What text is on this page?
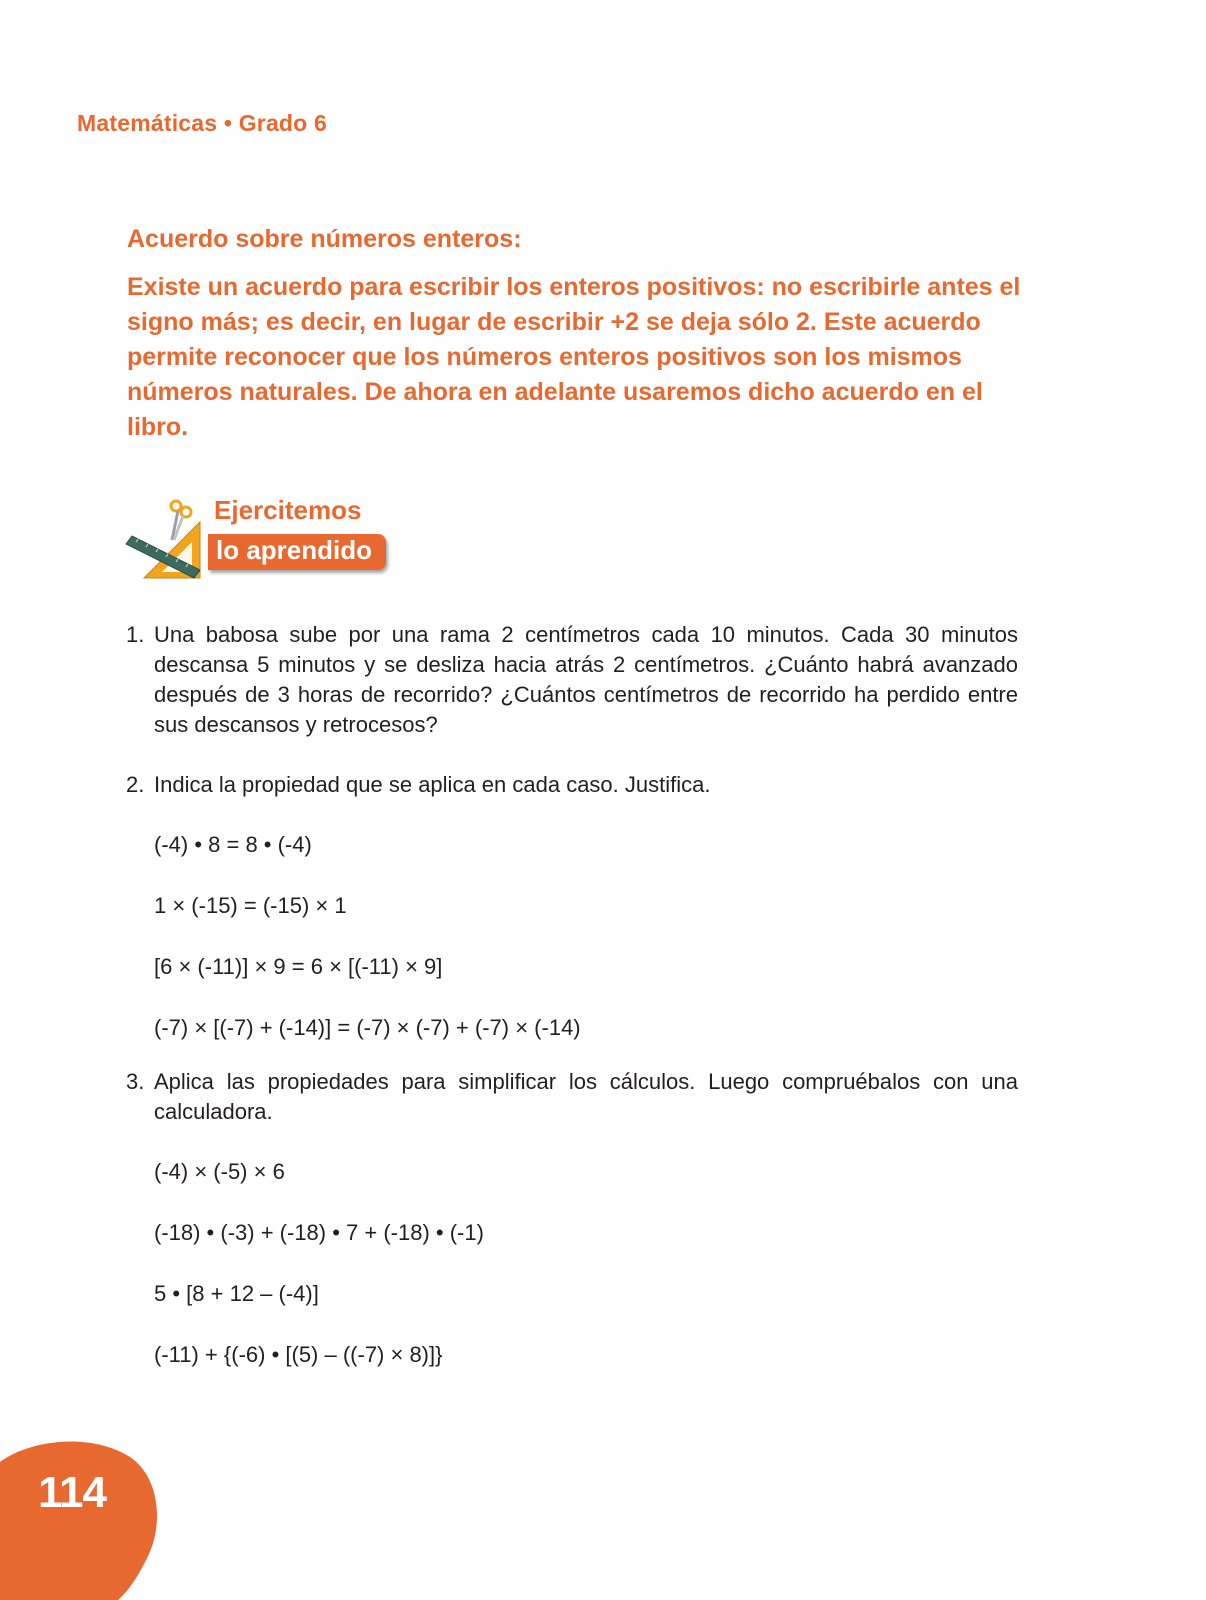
Matemáticas • Grado 6

Acuerdo sobre números enteros:

Existe un acuerdo para escribir los enteros positivos: no escribirle antes el signo más; es decir, en lugar de escribir +2 se deja sólo 2. Este acuerdo permite reconocer que los números enteros positivos son los mismos números naturales. De ahora en adelante usaremos dicho acuerdo en el libro.

Ejercitemos
lo aprendido
1. Una babosa sube por una rama 2 centímetros cada 10 minutos. Cada 30 minutos descansa 5 minutos y se desliza hacia atrás 2 centímetros. ¿Cuánto habrá avanzado después de 3 horas de recorrido? ¿Cuántos centímetros de recorrido ha perdido entre sus descansos y retrocesos?

2. Indica la propiedad que se aplica en cada caso. Justifica.

(-4) • 8 = 8 • (-4)
1 × (-15) = (-15) × 1
[6 × (-11)] × 9 = 6 × [(-11) × 9]
(-7) × [(-7) + (-14)] = (-7) × (-7) + (-7) × (-14)
3. Aplica las propiedades para simplificar los cálculos. Luego compruébalos con una calculadora.

(-4) × (-5) × 6
(-18) • (-3) + (-18) • 7 + (-18) • (-1)
5 • [8 + 12 – (-4)]
(-11) + {(-6) • [(5) – ((-7) × 8)]}
114
